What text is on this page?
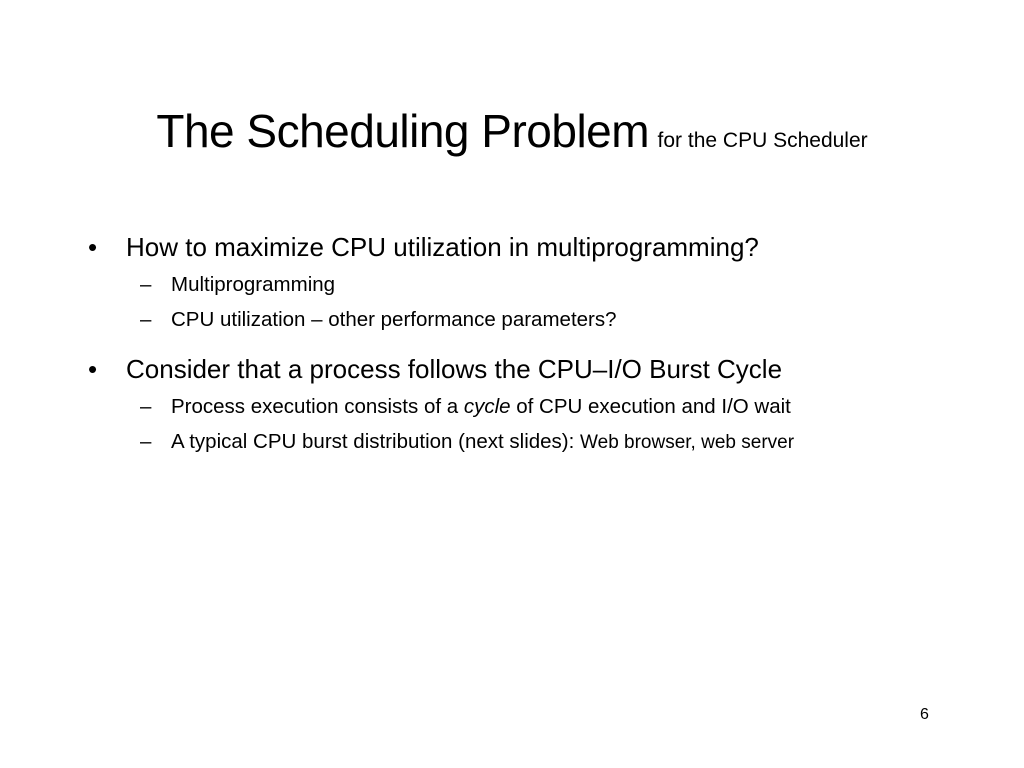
The Scheduling Problem for the CPU Scheduler
•	How to maximize CPU utilization in multiprogramming?
– Multiprogramming
– CPU utilization – other performance parameters?
•	Consider that a process follows the CPU–I/O Burst Cycle
– Process execution consists of a cycle of CPU execution and I/O wait
– A typical CPU burst distribution (next slides): Web browser, web server
6
